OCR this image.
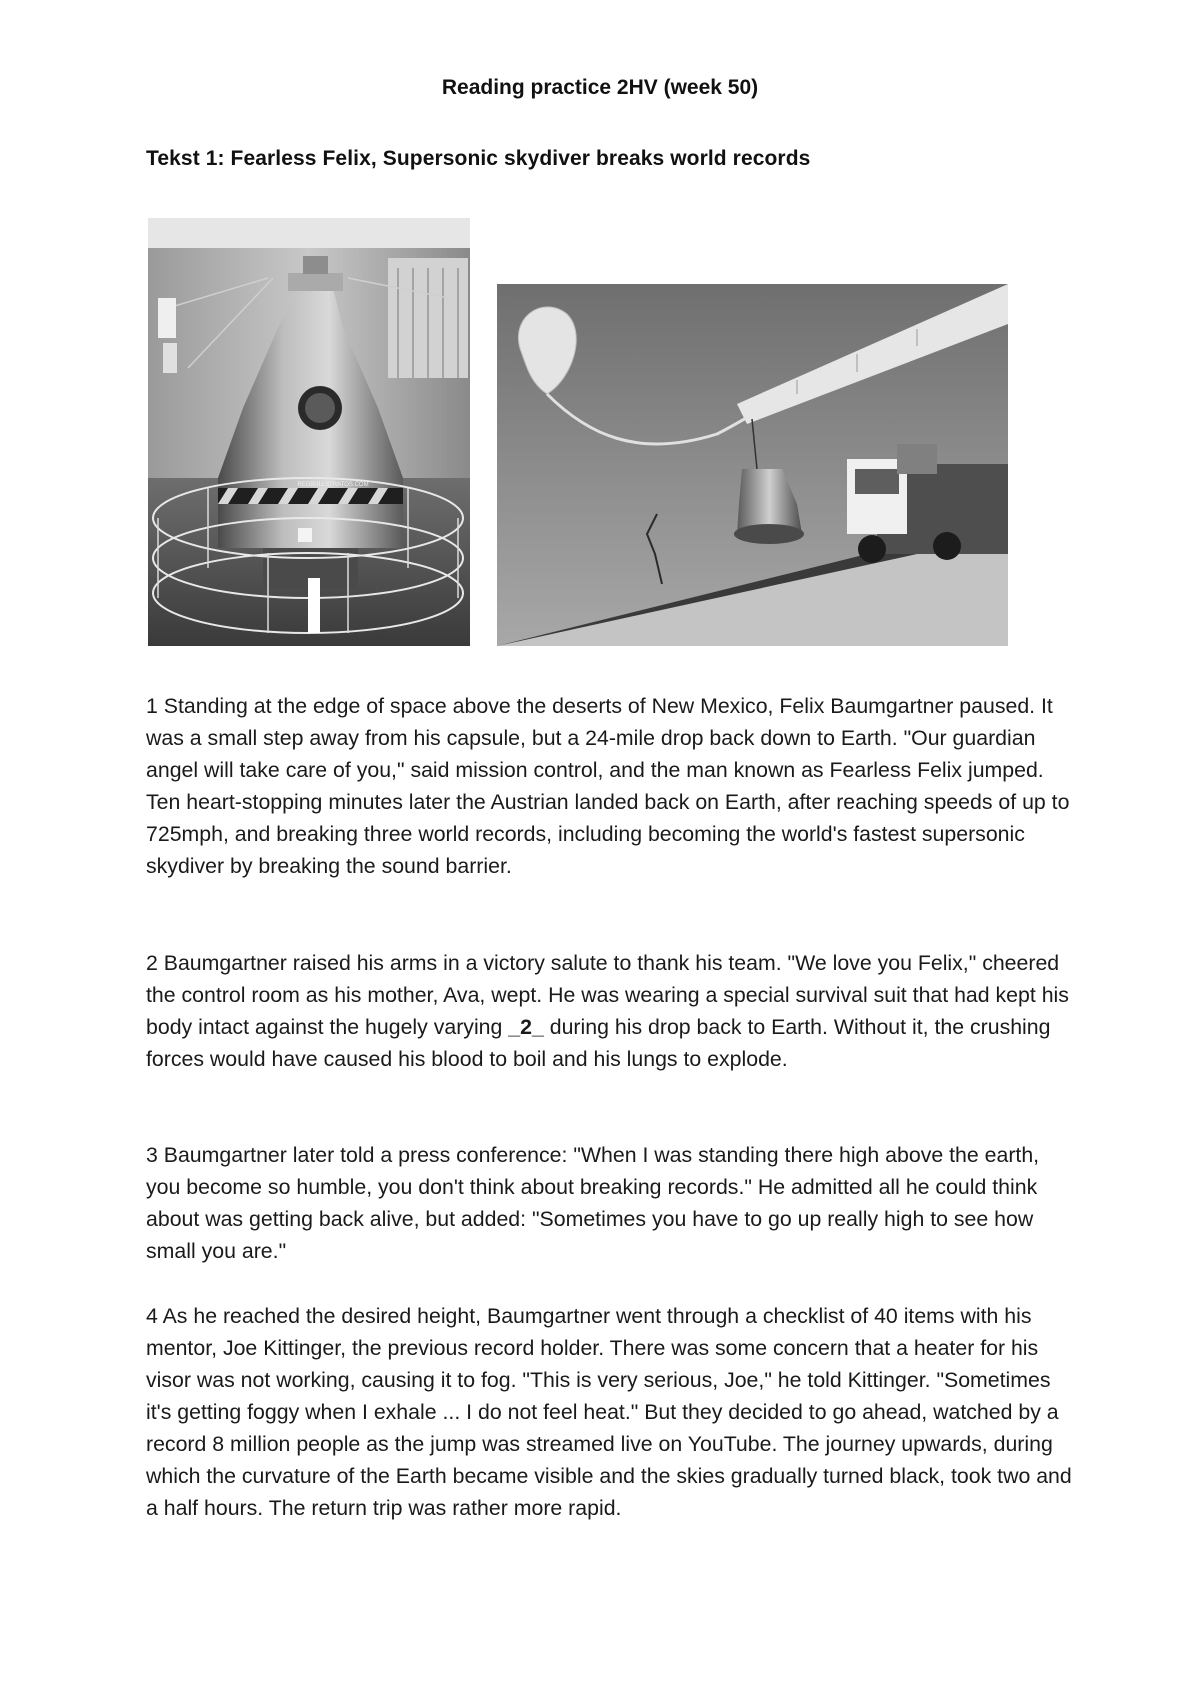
Reading practice 2HV (week 50)
Tekst 1: Fearless Felix, Supersonic skydiver breaks world records
REDBULLSTRATOS.COM

1 Standing at the edge of space above the deserts of New Mexico, Felix Baumgartner paused. It was a small step away from his capsule, but a 24-mile drop back down to Earth. "Our guardian angel will take care of you," said mission control, and the man known as Fearless Felix jumped. Ten heart-stopping minutes later the Austrian landed back on Earth, after reaching speeds of up to 725mph, and breaking three world records, including becoming the world's fastest supersonic skydiver by breaking the sound barrier.

2 Baumgartner raised his arms in a victory salute to thank his team. "We love you Felix," cheered the control room as his mother, Ava, wept. He was wearing a special survival suit that had kept his body intact against the hugely varying _2_ during his drop back to Earth. Without it, the crushing forces would have caused his blood to boil and his lungs to explode.

3 Baumgartner later told a press conference: "When I was standing there high above the earth, you become so humble, you don't think about breaking records." He admitted all he could think about was getting back alive, but added: "Sometimes you have to go up really high to see how small you are."

4 As he reached the desired height, Baumgartner went through a checklist of 40 items with his mentor, Joe Kittinger, the previous record holder. There was some concern that a heater for his visor was not working, causing it to fog. "This is very serious, Joe," he told Kittinger. "Sometimes it's getting foggy when I exhale ... I do not feel heat." But they decided to go ahead, watched by a record 8 million people as the jump was streamed live on YouTube. The journey upwards, during which the curvature of the Earth became visible and the skies gradually turned black, took two and a half hours. The return trip was rather more rapid.
